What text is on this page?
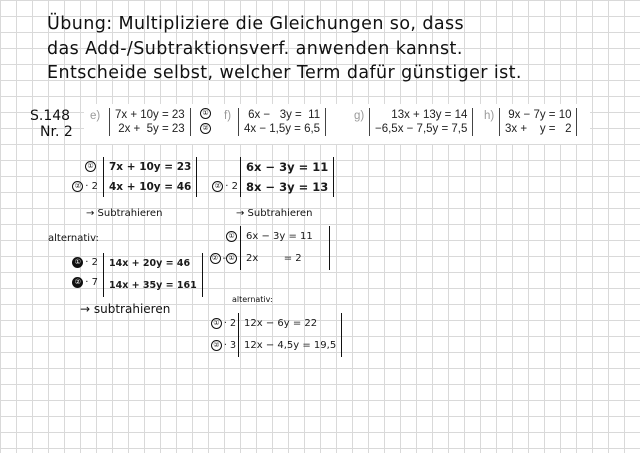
Übung: Multipliziere die Gleichungen so, dass
das Add-/Subtraktionsverf. anwenden kannst.
Entscheide selbst, welcher Term dafür günstiger ist.
S.148
Nr. 2
e) 7x + 10y = 23
2x +  5y = 23
①
②
f)	6x −   3y =  11
4x − 1,5y = 6,5
g)	13x + 13y = 14
−6,5x − 7,5y = 7,5
h) 9x − 7y = 10
3x +    y =   2
①
② · 2
7x + 10y = 23
4x + 10y = 46
→ Subtrahieren
alternativ:
① · 2
② · 7
14x + 20y = 46
14x + 35y = 161
→ subtrahieren

② · 2
6x − 3y = 11
8x − 3y = 13
→ Subtrahieren
①
② - ①
6x − 3y = 11
2x        = 2
alternativ:
① · 2
② · 3
12x − 6y = 22
12x − 4,5y = 19,5
